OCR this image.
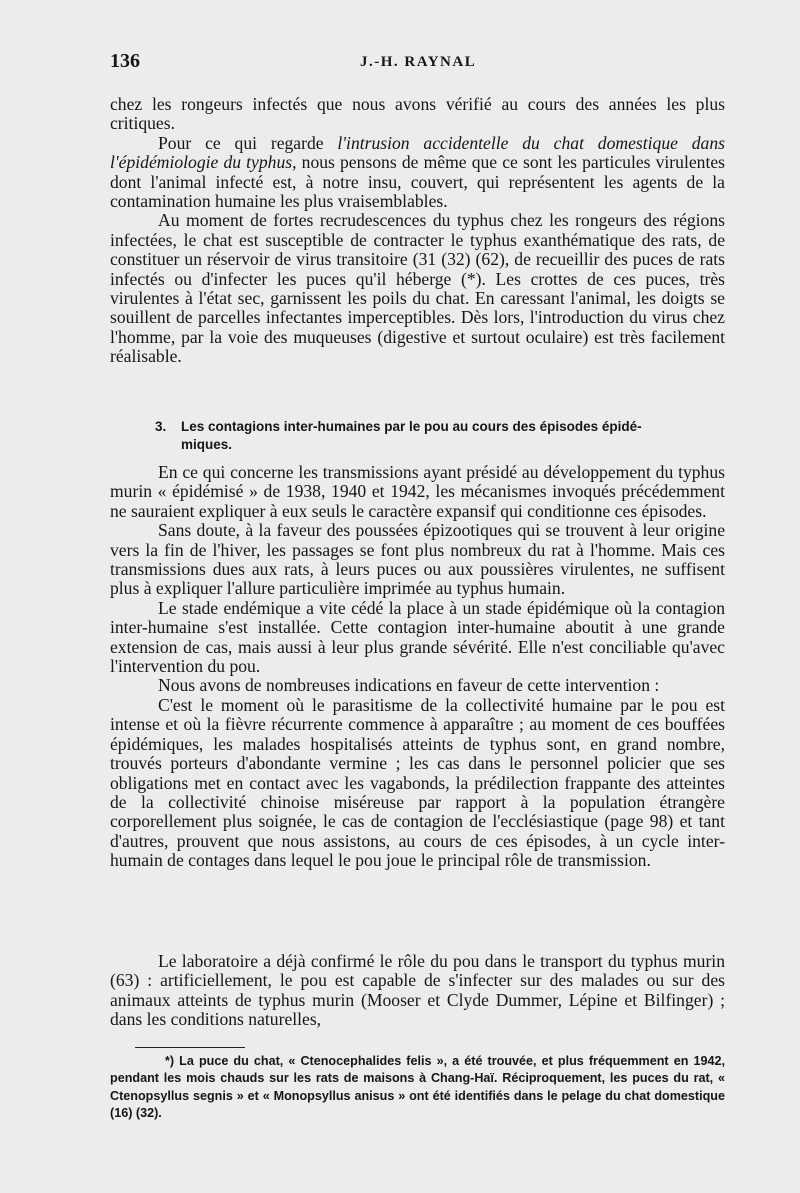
136	J.-H. RAYNAL

chez les rongeurs infectés que nous avons vérifié au cours des années les plus critiques.

Pour ce qui regarde l'intrusion accidentelle du chat domestique dans l'épidémiologie du typhus, nous pensons de même que ce sont les particules virulentes dont l'animal infecté est, à notre insu, couvert, qui représentent les agents de la contamination humaine les plus vraisemblables.

Au moment de fortes recrudescences du typhus chez les rongeurs des régions infectées, le chat est susceptible de contracter le typhus exanthématique des rats, de constituer un réservoir de virus transitoire (31 (32) (62), de recueillir des puces de rats infectés ou d'infecter les puces qu'il héberge (*). Les crottes de ces puces, très virulentes à l'état sec, garnissent les poils du chat. En caressant l'animal, les doigts se souillent de parcelles infectantes imperceptibles. Dès lors, l'introduction du virus chez l'homme, par la voie des muqueuses (digestive et surtout oculaire) est très facilement réalisable.

3. Les contagions inter-humaines par le pou au cours des épisodes épidé-
miques.

En ce qui concerne les transmissions ayant présidé au développement du typhus murin « épidémisé » de 1938, 1940 et 1942, les mécanismes invoqués précédemment ne sauraient expliquer à eux seuls le caractère expansif qui conditionne ces épisodes.

Sans doute, à la faveur des poussées épizootiques qui se trouvent à leur origine vers la fin de l'hiver, les passages se font plus nombreux du rat à l'homme. Mais ces transmissions dues aux rats, à leurs puces ou aux poussières virulentes, ne suffisent plus à expliquer l'allure particulière imprimée au typhus humain.

Le stade endémique a vite cédé la place à un stade épidémique où la contagion inter-humaine s'est installée. Cette contagion inter-humaine aboutit à une grande extension de cas, mais aussi à leur plus grande sévérité. Elle n'est conciliable qu'avec l'intervention du pou.

Nous avons de nombreuses indications en faveur de cette intervention :

C'est le moment où le parasitisme de la collectivité humaine par le pou est intense et où la fièvre récurrente commence à apparaître ; au moment de ces bouffées épidémiques, les malades hospitalisés atteints de typhus sont, en grand nombre, trouvés porteurs d'abondante vermine ; les cas dans le personnel policier que ses obligations met en contact avec les vagabonds, la prédilection frappante des atteintes de la collectivité chinoise miséreuse par rapport à la population étrangère corporellement plus soignée, le cas de contagion de l'ecclésiastique (page 98) et tant d'autres, prouvent que nous assistons, au cours de ces épisodes, à un cycle inter-humain de contages dans lequel le pou joue le principal rôle de transmission.

Le laboratoire a déjà confirmé le rôle du pou dans le transport du typhus murin (63) : artificiellement, le pou est capable de s'infecter sur des malades ou sur des animaux atteints de typhus murin (Mooser et Clyde Dummer, Lépine et Bilfinger) ; dans les conditions naturelles,

*) La puce du chat, « Ctenocephalides felis », a été trouvée, et plus fréquemment en 1942, pendant les mois chauds sur les rats de maisons à Chang-Haï. Réciproquement, les puces du rat, « Ctenopsyllus segnis » et « Monopsyllus anisus » ont été identifiés dans le pelage du chat domestique (16) (32).
